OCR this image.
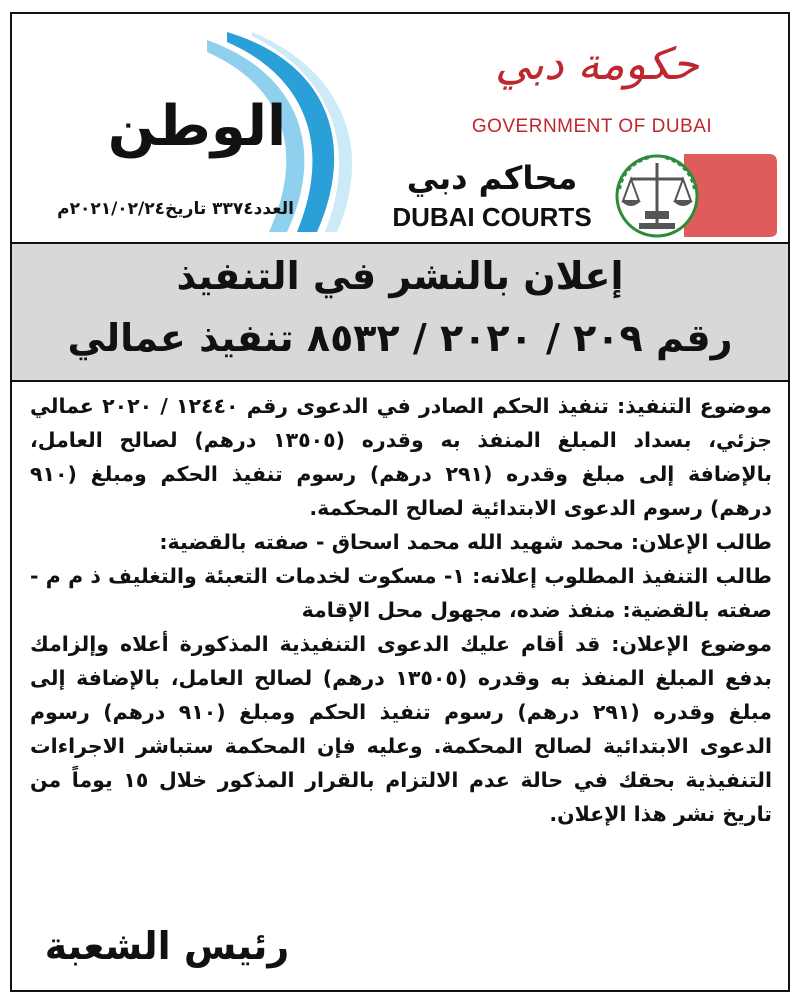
الوطن
العدد٣٣٧٤ تاريخ٢٠٢١/٠٢/٢٤م
حكومة دبي
GOVERNMENT OF DUBAI
محاكم دبي
DUBAI COURTS
إعلان بالنشر في التنفيذ
رقم ٢٠٩ / ٢٠٢٠ / ٨٥٣٢ تنفيذ عمالي

موضوع التنفيذ: تنفيذ الحكم الصادر في الدعوى رقم ١٢٤٤٠ / ٢٠٢٠ عمالي جزئي، بسداد المبلغ المنفذ به وقدره (١٣٥٠٥ درهم) لصالح العامل، بالإضافة إلى مبلغ وقدره (٢٩١ درهم) رسوم تنفيذ الحكم ومبلغ (٩١٠ درهم) رسوم الدعوى الابتدائية لصالح المحكمة.

طالب الإعلان: محمد شهيد الله محمد اسحاق - صفته بالقضية:

طالب التنفيذ المطلوب إعلانه: ١- مسكوت لخدمات التعبئة والتغليف ذ م م - صفته بالقضية: منفذ ضده، مجهول محل الإقامة

موضوع الإعلان: قد أقام عليك الدعوى التنفيذية المذكورة أعلاه وإلزامك بدفع المبلغ المنفذ به وقدره (١٣٥٠٥ درهم) لصالح العامل، بالإضافة إلى مبلغ وقدره (٢٩١ درهم) رسوم تنفيذ الحكم ومبلغ (٩١٠ درهم) رسوم الدعوى الابتدائية لصالح المحكمة. وعليه فإن المحكمة ستباشر الاجراءات التنفيذية بحقك في حالة عدم الالتزام بالقرار المذكور خلال ١٥ يوماً من تاريخ نشر هذا الإعلان.

رئيس الشعبة
